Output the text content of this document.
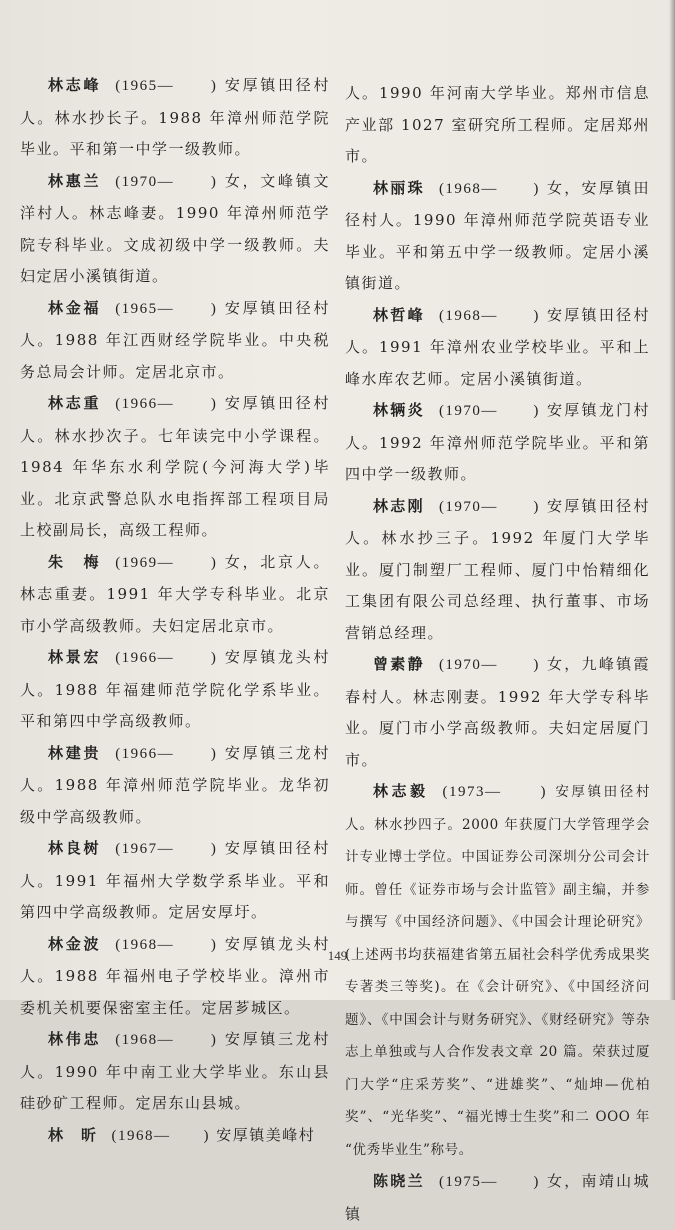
林志峰 (1965—　　) 安厚镇田径村人。林水抄长子。1988 年漳州师范学院毕业。平和第一中学一级教师。

林惠兰 (1970—　　) 女，文峰镇文洋村人。林志峰妻。1990 年漳州师范学院专科毕业。文成初级中学一级教师。夫妇定居小溪镇街道。

林金福 (1965—　　) 安厚镇田径村人。1988 年江西财经学院毕业。中央税务总局会计师。定居北京市。

林志重 (1966—　　) 安厚镇田径村人。林水抄次子。七年读完中小学课程。1984 年华东水利学院(今河海大学)毕业。北京武警总队水电指挥部工程项目局上校副局长，高级工程师。

朱　梅 (1969—　　) 女，北京人。林志重妻。1991 年大学专科毕业。北京市小学高级教师。夫妇定居北京市。

林景宏 (1966—　　) 安厚镇龙头村人。1988 年福建师范学院化学系毕业。平和第四中学高级教师。

林建贵 (1966—　　) 安厚镇三龙村人。1988 年漳州师范学院毕业。龙华初级中学高级教师。

林良树 (1967—　　) 安厚镇田径村人。1991 年福州大学数学系毕业。平和第四中学高级教师。定居安厚圩。

林金波 (1968—　　) 安厚镇龙头村人。1988 年福州电子学校毕业。漳州市委机关机要保密室主任。定居芗城区。

林伟忠 (1968—　　) 安厚镇三龙村人。1990 年中南工业大学毕业。东山县硅砂矿工程师。定居东山县城。

林　昕 (1968—　　) 安厚镇美峰村

人。1990 年河南大学毕业。郑州市信息产业部 1027 室研究所工程师。定居郑州市。

林丽珠 (1968—　　) 女，安厚镇田径村人。1990 年漳州师范学院英语专业毕业。平和第五中学一级教师。定居小溪镇街道。

林哲峰 (1968—　　) 安厚镇田径村人。1991 年漳州农业学校毕业。平和上峰水库农艺师。定居小溪镇街道。

林辆炎 (1970—　　) 安厚镇龙门村人。1992 年漳州师范学院毕业。平和第四中学一级教师。

林志刚 (1970—　　) 安厚镇田径村人。林水抄三子。1992 年厦门大学毕业。厦门制塑厂工程师、厦门中怡精细化工集团有限公司总经理、执行董事、市场营销总经理。

曾素静 (1970—　　) 女，九峰镇霞春村人。林志刚妻。1992 年大学专科毕业。厦门市小学高级教师。夫妇定居厦门市。

林志毅 (1973—　　) 安厚镇田径村人。林水抄四子。2000 年获厦门大学管理学会计专业博士学位。中国证券公司深圳分公司会计师。曾任《证券市场与会计监管》副主编，并参与撰写《中国经济问题》、《中国会计理论研究》(上述两书均获福建省第五届社会科学优秀成果奖专著类三等奖)。在《会计研究》、《中国经济问题》、《中国会计与财务研究》、《财经研究》等杂志上单独或与人合作发表文章 20 篇。荣获过厦门大学“庄采芳奖”、“进雄奖”、“灿坤—优柏奖”、“光华奖”、“福光博士生奖”和二 OOO 年 “优秀毕业生”称号。

陈晓兰 (1975—　　) 女，南靖山城镇

149
